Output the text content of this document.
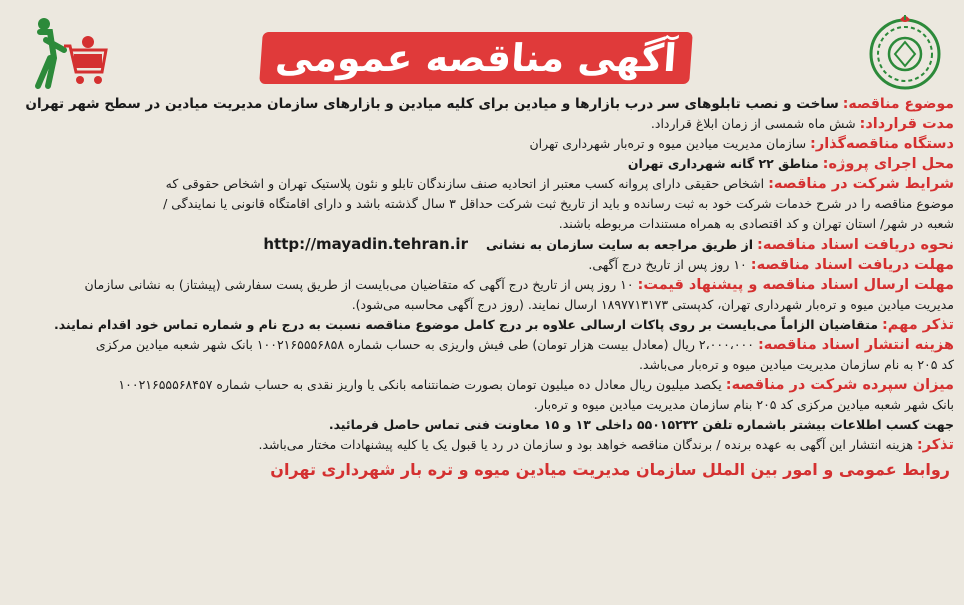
آگهی مناقصه عمومی
موضوع مناقصه: ساخت و نصب تابلوهای سر درب بازارها و میادین برای کلیه میادین و بازارهای سازمان مدیریت میادین در سطح شهر تهران
مدت قرارداد: شش ماه شمسی از زمان ابلاغ قرارداد.
دستگاه مناقصه‌گذار: سازمان مدیریت میادین میوه و تره‌بار شهرداری تهران
محل اجرای پروژه: مناطق ۲۲ گانه شهرداری تهران
شرایط شرکت در مناقصه: اشخاص حقیقی دارای پروانه کسب معتبر از اتحادیه صنف سازندگان تابلو و نئون پلاستیک تهران و اشخاص حقوقی که
موضوع مناقصه را در شرح خدمات شرکت خود به ثبت رسانده و باید از تاریخ ثبت شرکت حداقل ۳ سال گذشته باشد و دارای اقامتگاه قانونی یا نمایندگی /
شعبه در شهر/ استان تهران و کد اقتصادی به همراه مستندات مربوطه باشند.
نحوه دریافت اسناد مناقصه: از طریق مراجعه به سایت سازمان به نشانی http://mayadin.tehran.ir
مهلت دریافت اسناد مناقصه: ۱۰ روز پس از تاریخ درج آگهی.
مهلت ارسال اسناد مناقصه و پیشنهاد قیمت: ۱۰ روز پس از تاریخ درج آگهی که متقاضیان می‌بایست از طریق پست سفارشی (پیشتاز) به نشانی سازمان
مدیریت میادین میوه و تره‌بار شهرداری تهران، کدپستی ۱۸۹۷۷۱۳۱۷۳ ارسال نمایند. (روز درج آگهی محاسبه می‌شود).
تذکر مهم: متقاضیان الزاماً می‌بایست بر روی پاکات ارسالی علاوه بر درج کامل موضوع مناقصه نسبت به درج نام و شماره تماس خود اقدام نمایند.
هزینه انتشار اسناد مناقصه: ۲،۰۰۰،۰۰۰ ریال (معادل بیست هزار تومان) طی فیش واریزی به حساب شماره ۱۰۰۲۱۶۵۵۵۶۸۵۸ بانک شهر شعبه میادین مرکزی
کد ۲۰۵ به نام سازمان مدیریت میادین میوه و تره‌بار می‌باشد.
میزان سپرده شرکت در مناقصه: یکصد میلیون ریال معادل ده میلیون تومان بصورت ضمانتنامه بانکی یا واریز نقدی به حساب شماره ۱۰۰۲۱۶۵۵۵۶۸۴۵۷
بانک شهر شعبه میادین مرکزی کد ۲۰۵ بنام سازمان مدیریت میادین میوه و تره‌بار.
جهت کسب اطلاعات بیشتر باشماره تلفن ۵۵۰۱۵۲۳۲ داخلی ۱۳ و ۱۵ معاونت فنی تماس حاصل فرمائید.
تذکر: هزینه انتشار این آگهی به عهده برنده / برندگان مناقصه خواهد بود و سازمان در رد یا قبول یک یا کلیه پیشنهادات مختار می‌باشد.
روابط عمومی و امور بین الملل سازمان مدیریت میادین میوه و تره بار شهرداری تهران
